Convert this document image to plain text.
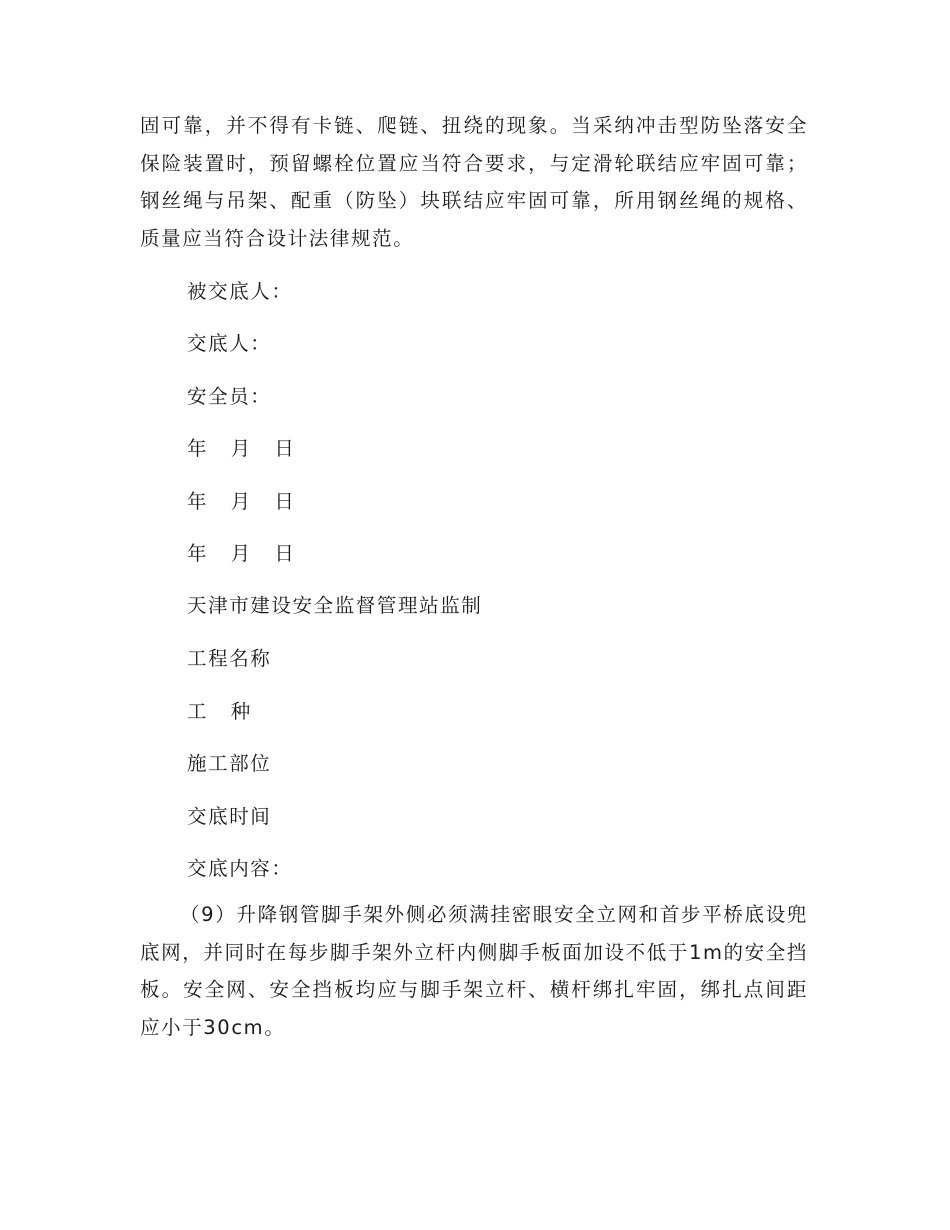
固可靠，并不得有卡链、爬链、扭绕的现象。当采纳冲击型防坠落安全保险装置时，预留螺栓位置应当符合要求，与定滑轮联结应牢固可靠；钢丝绳与吊架、配重（防坠）块联结应牢固可靠，所用钢丝绳的规格、质量应当符合设计法律规范。

被交底人：

交底人：

安全员：

年 月 日

年 月 日

年 月 日

天津市建设安全监督管理站监制

工程名称

工 种

施工部位

交底时间

交底内容：

（9）升降钢管脚手架外侧必须满挂密眼安全立网和首步平桥底设兜底网，并同时在每步脚手架外立杆内侧脚手板面加设不低于1m的安全挡板。安全网、安全挡板均应与脚手架立杆、横杆绑扎牢固，绑扎点间距应小于30cm。
